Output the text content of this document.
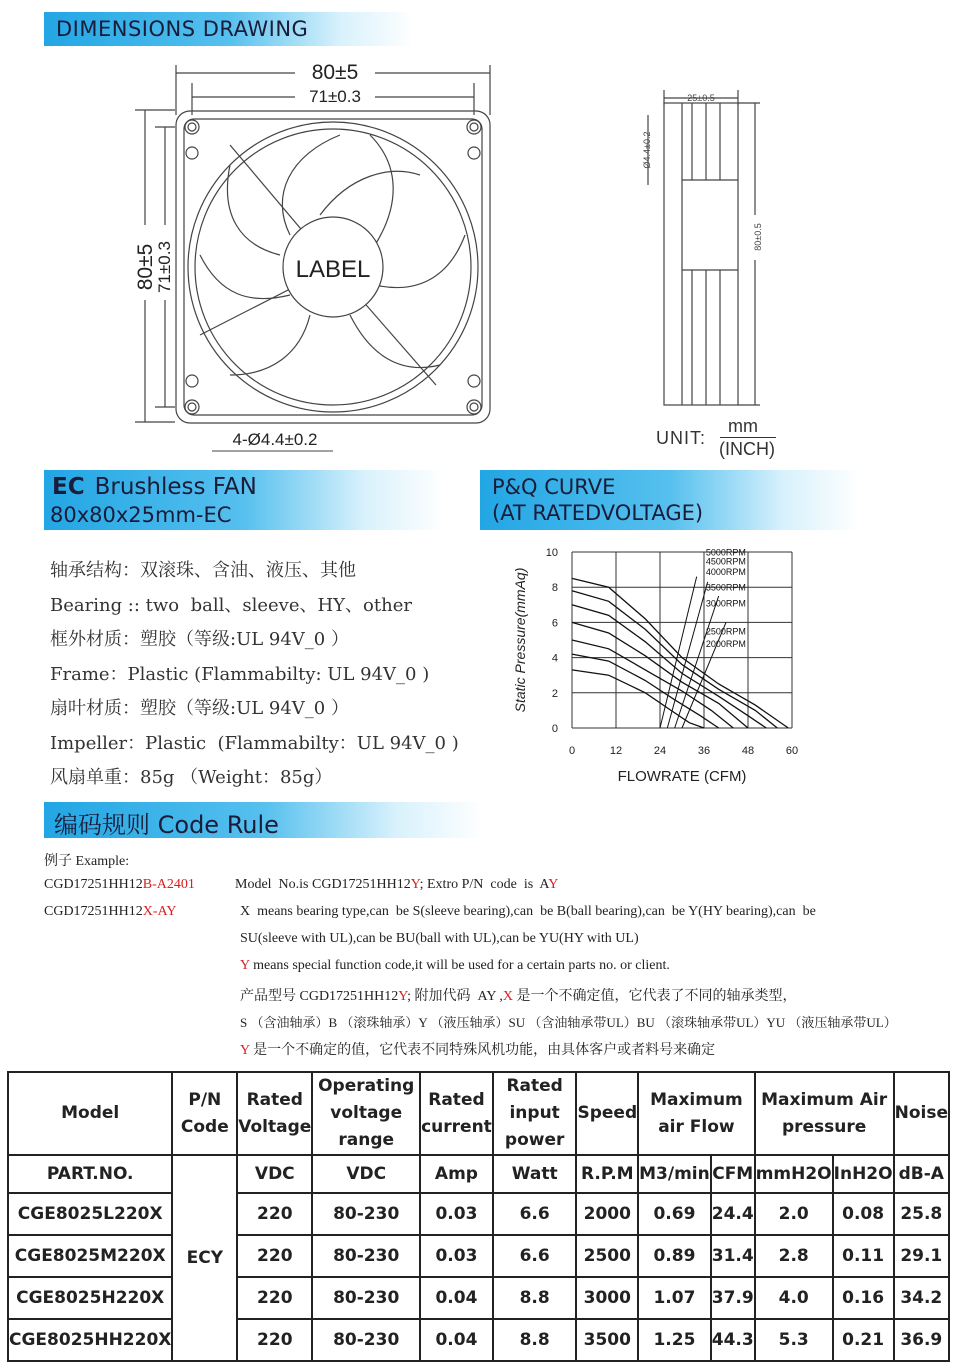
DIMENSIONS DRAWING
80±5
71±0.3
80±5
71±0.3	LABEL
4-Ø4.4±0.2
25±0.5
Ø4.4±0.2
80±0.5
UNIT:
mm
(INCH)
EC Brushless FAN
80x80x25mm-EC
P&Q CURVE
(AT RATEDVOLTAGE)
轴承结构：双滚珠、含油、液压、其他
Bearing :: two  ball、sleeve、HY、other
框外材质：塑胶（等级:UL 94V_0 ）
Frame：Plastic (Flammabilty: UL 94V_0 )
扇叶材质：塑胶（等级:UL 94V_0 ）
Impeller：Plastic  (Flammabilty：UL 94V_0 )
风扇单重：85g （Weight：85g）
0	12	24	36	48	60
0
2
4
6
8
10
FLOWRATE (CFM)
Static Pressure(mmAq)
5000RPM
4500RPM
4000RPM
3500RPM
3000RPM
2500RPM
2000RPM
编码规则 Code Rule
例子 Example:
CGD17251HH12B-A2401
CGD17251HH12X-AY
Model  No.is CGD17251HH12Y; Extro P/N  code  is  AY
X  means bearing type,can  be S(sleeve bearing),can  be B(ball bearing),can  be Y(HY bearing),can  be
SU(sleeve with UL),can be BU(ball with UL),can be YU(HY with UL)
Y means special function code,it will be used for a certain parts no. or client.
产品型号 CGD17251HH12Y; 附加代码  AY ,X 是一个不确定值，它代表了不同的轴承类型，
S （含油轴承）B （滚珠轴承）Y （液压轴承）SU （含油轴承带UL）BU （滚珠轴承带UL）YU （液压轴承带UL）
Y 是一个不确定的值，它代表不同特殊风机功能，由具体客户或者料号来确定
Model	P/N Code	Rated Voltage	Operating voltage range	Rated current	Rated input power	Speed	Maximum air Flow		Maximum Air pressure		Noise
PART.NO.	ECY	VDC	VDC	Amp	Watt	R.P.M	M3/min	CFM	mmH2O	InH2O	dB-A
CGE8025L220X		220	80-230	0.03	6.6	2000	0.69	24.4	2.0	0.08	25.8
CGE8025M220X		220	80-230	0.03	6.6	2500	0.89	31.4	2.8	0.11	29.1
CGE8025H220X		220	80-230	0.04	8.8	3000	1.07	37.9	4.0	0.16	34.2
CGE8025HH220X		220	80-230	0.04	8.8	3500	1.25	44.3	5.3	0.21	36.9
